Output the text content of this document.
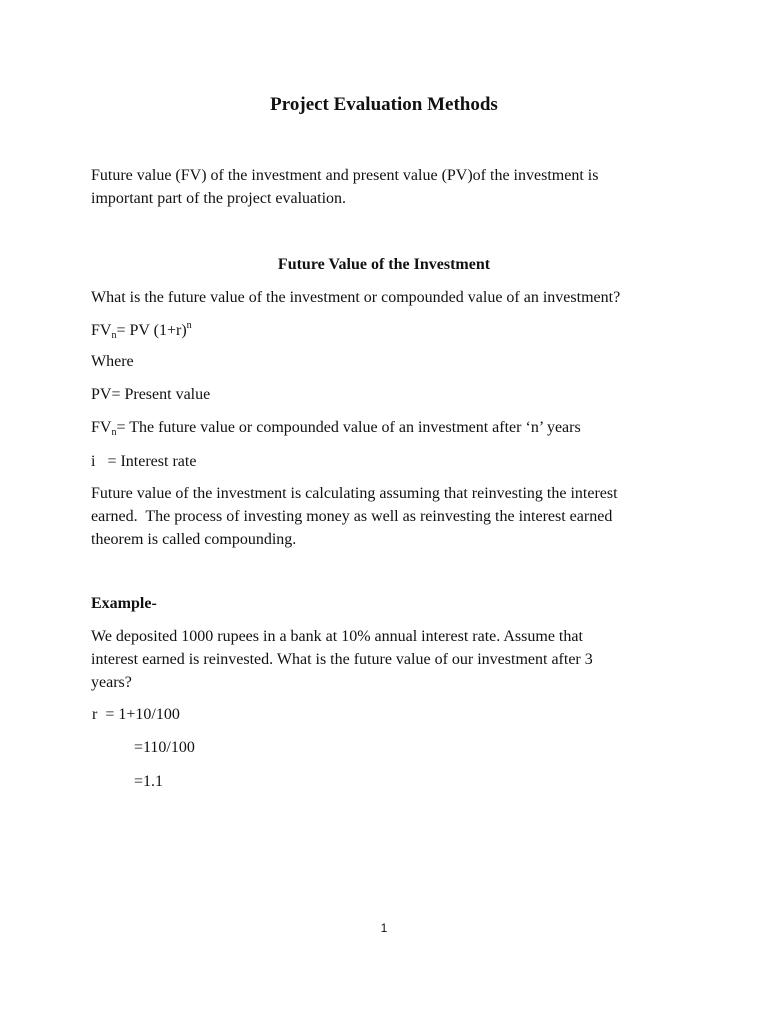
Project Evaluation Methods
Future value (FV) of the investment and present value (PV)of the investment is
important part of the project evaluation.
Future Value of the Investment
What is the future value of the investment or compounded value of an investment?
$FV_n=$ PV $(1+r)^n$
Where
PV= Present value
$FV_n=$ The future value or compounded value of an investment after ‘n’ years
i   = Interest rate
Future value of the investment is calculating assuming that reinvesting the interest
earned.  The process of investing money as well as reinvesting the interest earned
theorem is called compounding.
Example-
We deposited 1000 rupees in a bank at 10% annual interest rate. Assume that
interest earned is reinvested. What is the future value of our investment after 3
years?
r  = 1+10/100
=110/100
=1.1
1
